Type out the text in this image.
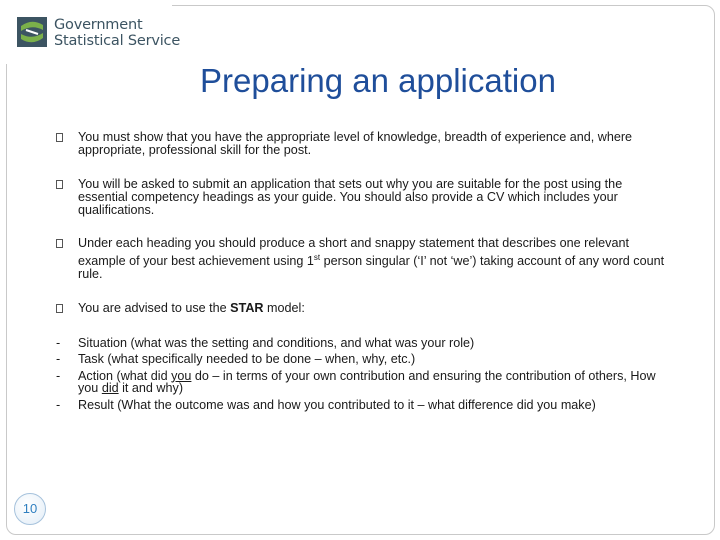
Government
Statistical Service
Preparing an application
You must show that you have the appropriate level of knowledge, breadth of experience and, where appropriate, professional skill for the post.
You will be asked to submit an application that sets out why you are suitable for the post using the essential competency headings as your guide. You should also provide a CV which includes your qualifications.
Under each heading you should produce a short and snappy statement that describes one relevant example of your best achievement using 1st person singular (‘I’ not ‘we’) taking account of any word count rule.
You are advised to use the STAR model:
- Situation (what was the setting and conditions, and what was your role)
- Task (what specifically needed to be done – when, why, etc.)
- Action (what did you do – in terms of your own contribution and ensuring the contribution of others, How you did it and why)
- Result (What the outcome was and how you contributed to it – what difference did you make)
10
